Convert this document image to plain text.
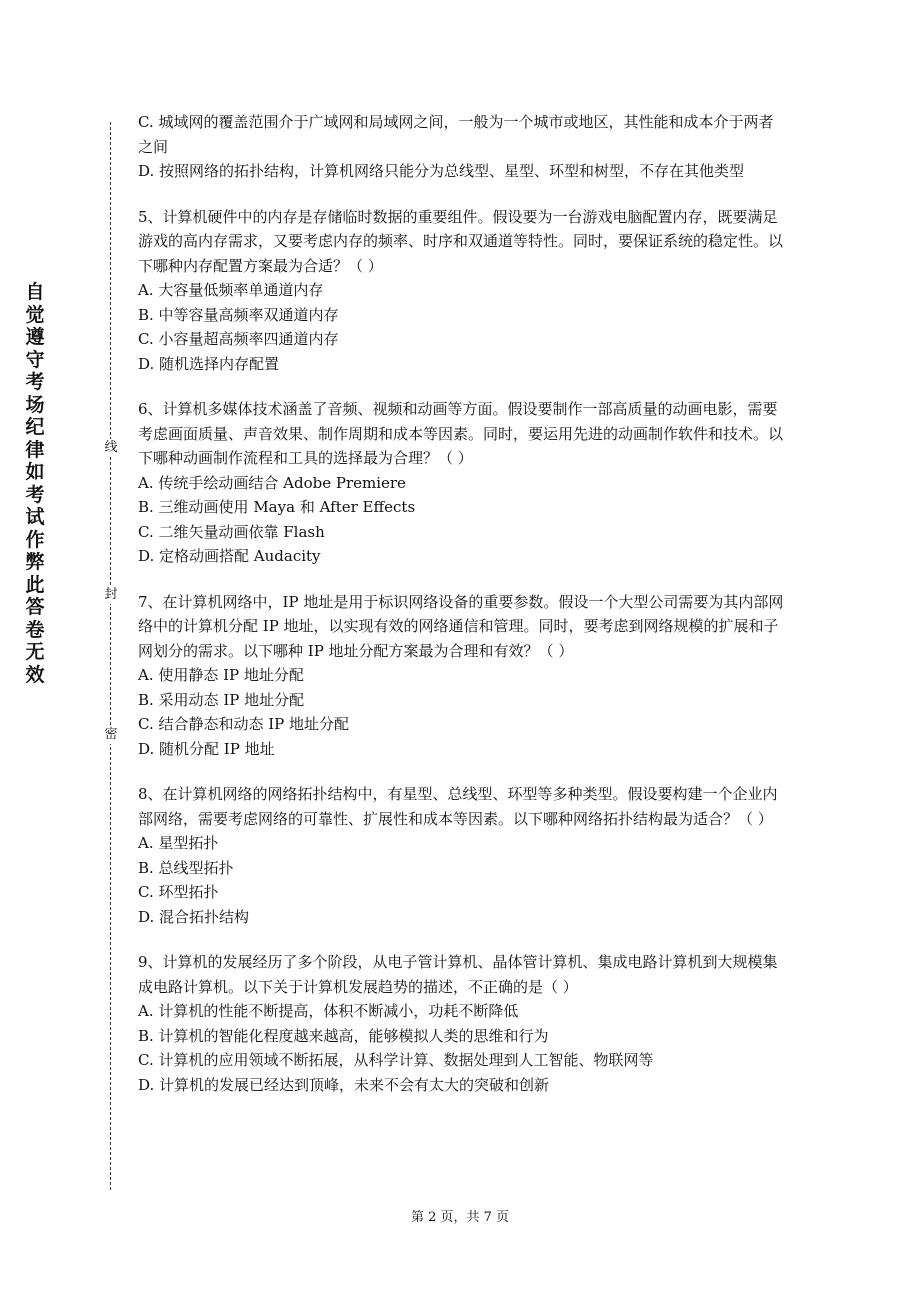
自觉遵守考场纪律如考试作弊此答卷无效
线
封
密

C. 城域网的覆盖范围介于广域网和局域网之间，一般为一个城市或地区，其性能和成本介于两者之间

D. 按照网络的拓扑结构，计算机网络只能分为总线型、星型、环型和树型，不存在其他类型

5、计算机硬件中的内存是存储临时数据的重要组件。假设要为一台游戏电脑配置内存，既要满足游戏的高内存需求，又要考虑内存的频率、时序和双通道等特性。同时，要保证系统的稳定性。以下哪种内存配置方案最为合适？（ ）

A. 大容量低频率单通道内存

B. 中等容量高频率双通道内存

C. 小容量超高频率四通道内存

D. 随机选择内存配置

6、计算机多媒体技术涵盖了音频、视频和动画等方面。假设要制作一部高质量的动画电影，需要考虑画面质量、声音效果、制作周期和成本等因素。同时，要运用先进的动画制作软件和技术。以下哪种动画制作流程和工具的选择最为合理？（ ）

A. 传统手绘动画结合 Adobe Premiere

B. 三维动画使用 Maya 和 After Effects

C. 二维矢量动画依靠 Flash

D. 定格动画搭配 Audacity

7、在计算机网络中，IP 地址是用于标识网络设备的重要参数。假设一个大型公司需要为其内部网络中的计算机分配 IP 地址，以实现有效的网络通信和管理。同时，要考虑到网络规模的扩展和子网划分的需求。以下哪种 IP 地址分配方案最为合理和有效？（ ）

A. 使用静态 IP 地址分配

B. 采用动态 IP 地址分配

C. 结合静态和动态 IP 地址分配

D. 随机分配 IP 地址

8、在计算机网络的网络拓扑结构中，有星型、总线型、环型等多种类型。假设要构建一个企业内部网络，需要考虑网络的可靠性、扩展性和成本等因素。以下哪种网络拓扑结构最为适合？（ ）

A. 星型拓扑

B. 总线型拓扑

C. 环型拓扑

D. 混合拓扑结构

9、计算机的发展经历了多个阶段，从电子管计算机、晶体管计算机、集成电路计算机到大规模集成电路计算机。以下关于计算机发展趋势的描述，不正确的是（ ）

A. 计算机的性能不断提高，体积不断减小，功耗不断降低

B. 计算机的智能化程度越来越高，能够模拟人类的思维和行为

C. 计算机的应用领域不断拓展，从科学计算、数据处理到人工智能、物联网等

D. 计算机的发展已经达到顶峰，未来不会有太大的突破和创新

第 2 页，共 7 页
